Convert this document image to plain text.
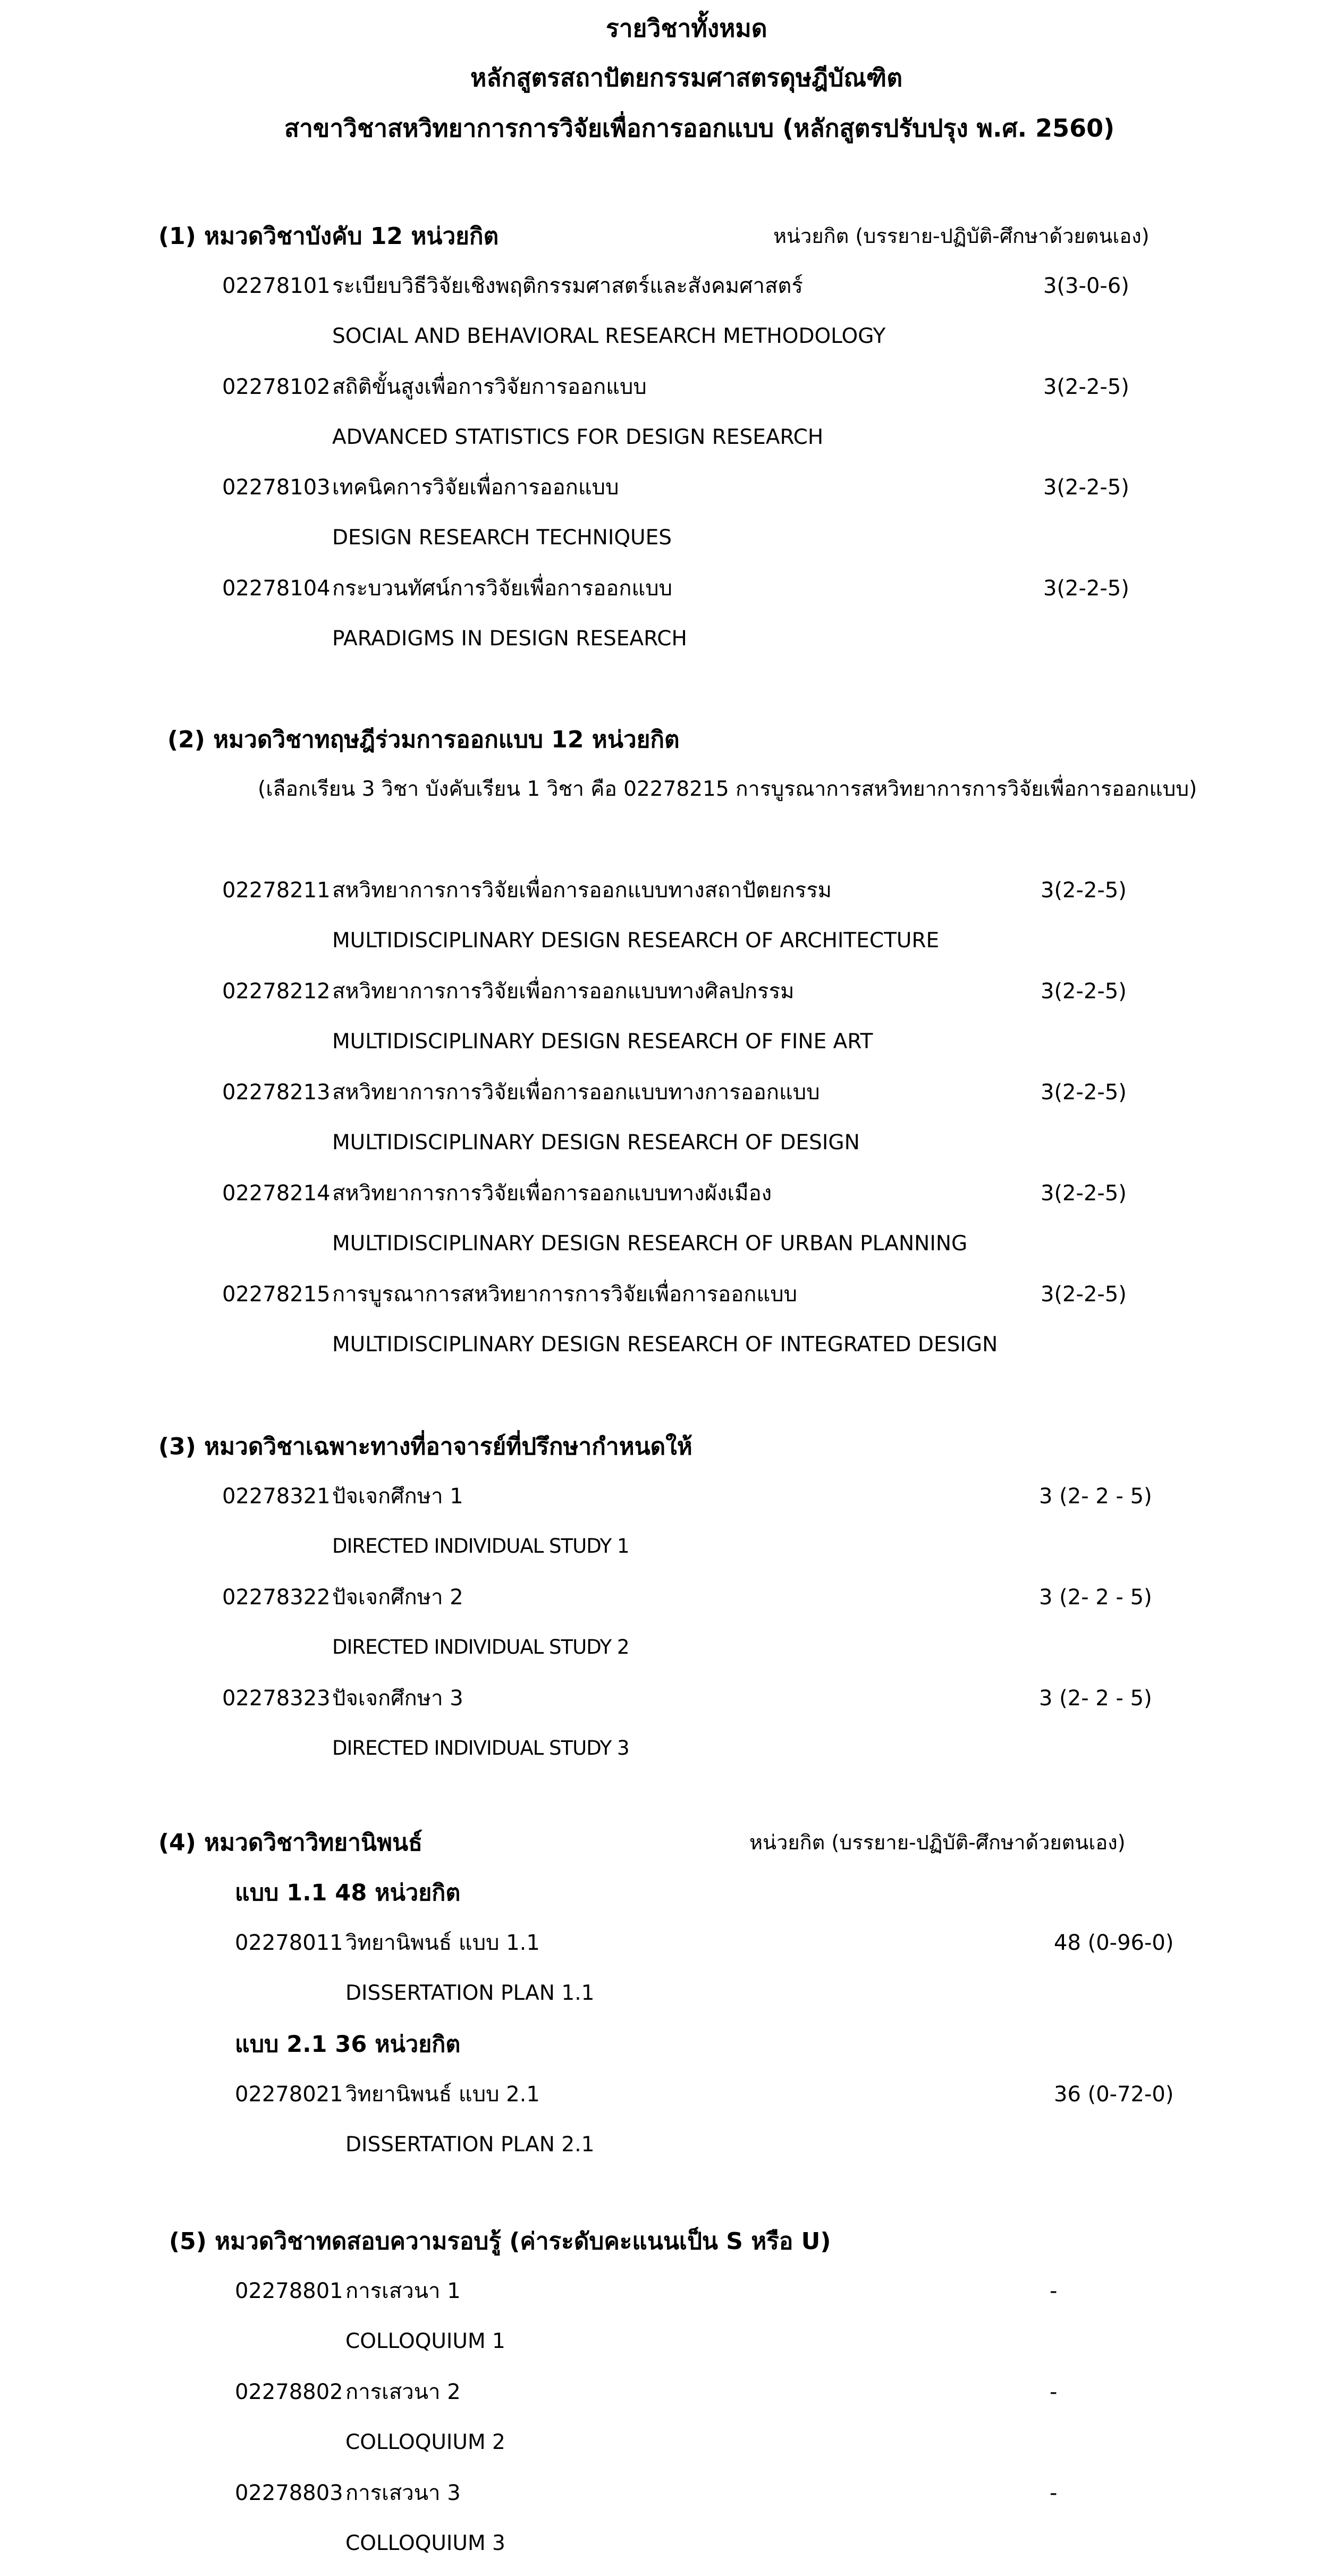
รายวิชาทั้งหมด
หลักสูตรสถาปัตยกรรมศาสตรดุษฎีบัณฑิต
สาขาวิชาสหวิทยาการการวิจัยเพื่อการออกแบบ (หลักสูตรปรับปรุง พ.ศ. 2560)
(1) หมวดวิชาบังคับ 12 หน่วยกิต	หน่วยกิต (บรรยาย-ปฏิบัติ-ศึกษาด้วยตนเอง)
02278101 ระเบียบวิธีวิจัยเชิงพฤติกรรมศาสตร์และสังคมศาสตร์	3(3-0-6)
SOCIAL AND BEHAVIORAL RESEARCH METHODOLOGY
02278102 สถิติขั้นสูงเพื่อการวิจัยการออกแบบ	3(2-2-5)
ADVANCED STATISTICS FOR DESIGN RESEARCH
02278103 เทคนิคการวิจัยเพื่อการออกแบบ	3(2-2-5)
DESIGN RESEARCH TECHNIQUES
02278104 กระบวนทัศน์การวิจัยเพื่อการออกแบบ	3(2-2-5)
PARADIGMS IN DESIGN RESEARCH
(2) หมวดวิชาทฤษฎีร่วมการออกแบบ 12 หน่วยกิต
(เลือกเรียน 3 วิชา บังคับเรียน 1 วิชา คือ 02278215 การบูรณาการสหวิทยาการการวิจัยเพื่อการออกแบบ)
02278211 สหวิทยาการการวิจัยเพื่อการออกแบบทางสถาปัตยกรรม	3(2-2-5)
MULTIDISCIPLINARY DESIGN RESEARCH OF ARCHITECTURE
02278212 สหวิทยาการการวิจัยเพื่อการออกแบบทางศิลปกรรม	3(2-2-5)
MULTIDISCIPLINARY DESIGN RESEARCH OF FINE ART
02278213 สหวิทยาการการวิจัยเพื่อการออกแบบทางการออกแบบ	3(2-2-5)
MULTIDISCIPLINARY DESIGN RESEARCH OF DESIGN
02278214 สหวิทยาการการวิจัยเพื่อการออกแบบทางผังเมือง	3(2-2-5)
MULTIDISCIPLINARY DESIGN RESEARCH OF URBAN PLANNING
02278215 การบูรณาการสหวิทยาการการวิจัยเพื่อการออกแบบ	3(2-2-5)
MULTIDISCIPLINARY DESIGN RESEARCH OF INTEGRATED DESIGN
(3) หมวดวิชาเฉพาะทางที่อาจารย์ที่ปรึกษากำหนดให้
02278321 ปัจเจกศึกษา 1	3 (2- 2 - 5)
DIRECTED INDIVIDUAL STUDY 1
02278322 ปัจเจกศึกษา 2	3 (2- 2 - 5)
DIRECTED INDIVIDUAL STUDY 2
02278323 ปัจเจกศึกษา 3	3 (2- 2 - 5)
DIRECTED INDIVIDUAL STUDY 3
(4) หมวดวิชาวิทยานิพนธ์	หน่วยกิต (บรรยาย-ปฏิบัติ-ศึกษาด้วยตนเอง)
แบบ 1.1 48 หน่วยกิต
02278011 วิทยานิพนธ์ แบบ 1.1	48 (0-96-0)
DISSERTATION PLAN 1.1
แบบ 2.1 36 หน่วยกิต
02278021 วิทยานิพนธ์ แบบ 2.1	36 (0-72-0)
DISSERTATION PLAN 2.1
(5) หมวดวิชาทดสอบความรอบรู้ (ค่าระดับคะแนนเป็น S หรือ U)
02278801 การเสวนา 1	-
COLLOQUIUM 1
02278802 การเสวนา 2	-
COLLOQUIUM 2
02278803 การเสวนา 3	-
COLLOQUIUM 3
